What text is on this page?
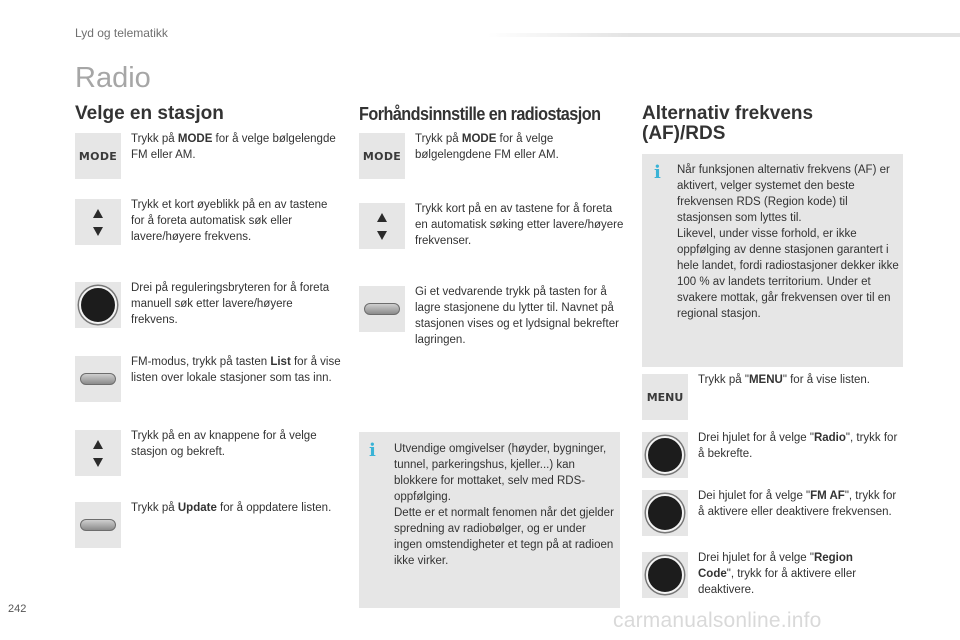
Lyd og telematikk
Radio
Velge en stasjon
MODE
Trykk på MODE for å velge bølgelengde FM eller AM.
Trykk et kort øyeblikk på en av tastene for å foreta automatisk søk eller lavere/høyere frekvens.
Drei på reguleringsbryteren for å foreta manuell søk etter lavere/høyere frekvens.
FM-modus, trykk på tasten List for å vise listen over lokale stasjoner som tas inn.
Trykk på en av knappene for å velge stasjon og bekreft.
Trykk på Update for å oppdatere listen.
Forhåndsinnstille en radiostasjon
MODE
Trykk på MODE for å velge bølgelengdene FM eller AM.
Trykk kort på en av tastene for å foreta en automatisk søking etter lavere/høyere frekvenser.
Gi et vedvarende trykk på tasten for å lagre stasjonene du lytter til. Navnet på stasjonen vises og et lydsignal bekrefter lagringen.
i	Utvendige omgivelser (høyder, bygninger, tunnel, parkeringshus, kjeller...) kan blokkere for mottaket, selv med RDS-oppfølging.
Dette er et normalt fenomen når det gjelder spredning av radiobølger, og er under ingen omstendigheter et tegn på at radioen ikke virker.
Alternativ frekvens
(AF)/RDS
i	Når funksjonen alternativ frekvens (AF) er aktivert, velger systemet den beste frekvensen RDS (Region kode) til stasjonsen som lyttes til.
Likevel, under visse forhold, er ikke oppfølging av denne stasjonen garantert i hele landet, fordi radiostasjoner dekker ikke 100 % av landets territorium. Under et svakere mottak, går frekvensen over til en regional stasjon.
MENU
Trykk på "MENU" for å vise listen.
Drei hjulet for å velge "Radio", trykk for å bekrefte.
Dei hjulet for å velge "FM AF", trykk for å aktivere eller deaktivere frekvensen.
Drei hjulet for å velge "Region Code", trykk for å aktivere eller deaktivere.
242	carmanualsonline.info
